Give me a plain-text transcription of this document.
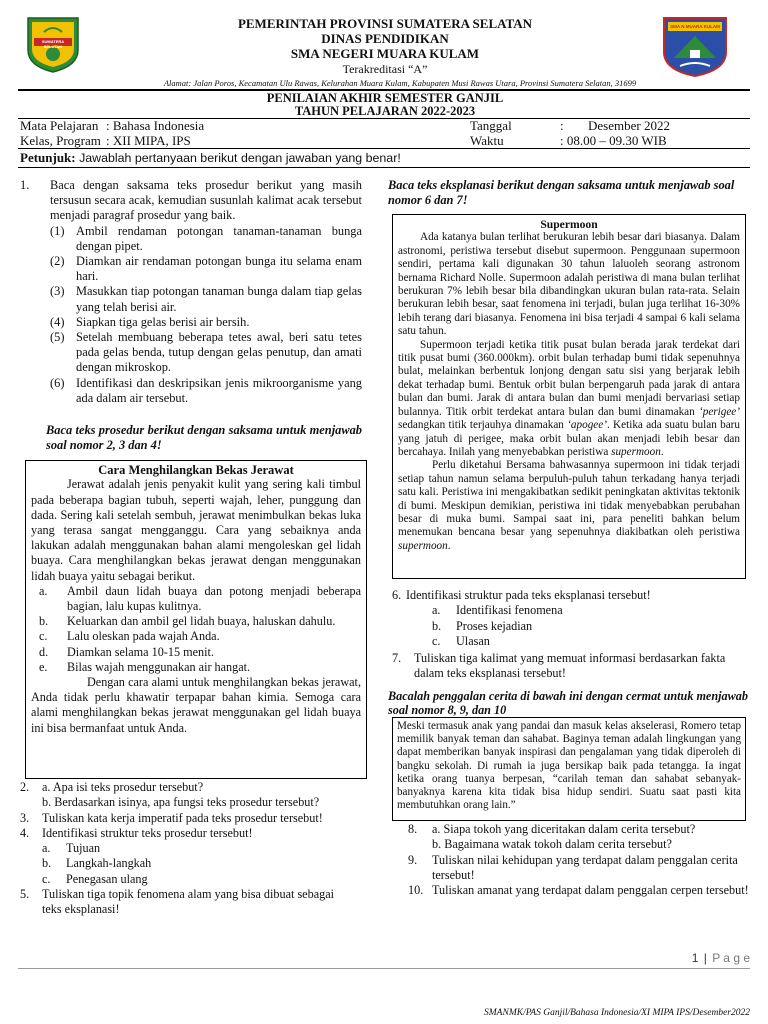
SUMATERA SELATAN
SMA N MUARA KULAM
PEMERINTAH PROVINSI SUMATERA SELATAN
DINAS PENDIDIKAN
SMA NEGERI MUARA KULAM
Terakreditasi “A”
Alamat: Jalan Poros, Kecamatan Ulu Rawas, Kelurahan Muara Kulam, Kabupaten Musi Rawas Utara, Provinsi Sumatera Selatan, 31699
PENILAIAN AKHIR SEMESTER GANJIL
TAHUN PELAJARAN 2022-2023
Mata Pelajaran : Bahasa Indonesia
Kelas, Program : XII MIPA, IPS
Tanggal	: Desember 2022
Waktu	: 08.00 – 09.30 WIB
Petunjuk: Jawablah pertanyaan berikut dengan jawaban yang benar!
1.	Baca dengan saksama teks prosedur berikut yang masih tersusun secara acak, kemudian susunlah kalimat acak tersebut menjadi paragraf prosedur yang baik.
(1) Ambil rendaman potongan tanaman-tanaman bunga dengan pipet.
(2) Diamkan air rendaman potongan bunga itu selama enam hari.
(3) Masukkan tiap potongan tanaman bunga dalam tiap gelas yang telah berisi air.
(4) Siapkan tiga gelas berisi air bersih.
(5) Setelah membuang beberapa tetes awal, beri satu tetes pada gelas benda, tutup dengan gelas penutup, dan amati dengan mikroskop.
(6) Identifikasi dan deskripsikan jenis mikroorganisme yang ada dalam air tersebut.
Baca teks prosedur berikut dengan saksama untuk menjawab soal nomor 2, 3 dan 4!
Cara Menghilangkan Bekas Jerawat
Jerawat adalah jenis penyakit kulit yang sering kali timbul pada beberapa bagian tubuh, seperti wajah, leher, punggung dan dada. Sering kali setelah sembuh, jerawat menimbulkan bekas luka yang terasa sangat mengganggu. Cara yang sebaiknya anda lakukan adalah menggunakan bahan alami mengoleskan gel lidah buaya. Cara menghilangkan bekas jerawat dengan menggunakan lidah buaya yaitu sebagai berikut.
a.	Ambil daun lidah buaya dan potong menjadi beberapa bagian, lalu kupas kulitnya.
b.	Keluarkan dan ambil gel lidah buaya, haluskan dahulu.
c.	Lalu oleskan pada wajah Anda.
d.	Diamkan selama 10-15 menit.
e.	Bilas wajah menggunakan air hangat.
Dengan cara alami untuk menghilangkan bekas jerawat, Anda tidak perlu khawatir terpapar bahan kimia. Semoga cara alami menghilangkan bekas jerawat menggunakan gel lidah buaya ini bisa bermanfaat untuk Anda.
2.	a. Apa isi teks prosedur tersebut?
b. Berdasarkan isinya, apa fungsi teks prosedur tersebut?
3.	Tuliskan kata kerja imperatif pada teks prosedur tersebut!
4.	Identifikasi struktur teks prosedur tersebut!
a.	Tujuan
b.	Langkah-langkah
c.	Penegasan ulang
5.	Tuliskan tiga topik fenomena alam yang bisa dibuat sebagai teks eksplanasi!
Baca teks eksplanasi berikut dengan saksama untuk menjawab soal nomor 6 dan 7!
Supermoon
Ada katanya bulan terlihat berukuran lebih besar dari biasanya. Dalam astronomi, peristiwa tersebut disebut supermoon. Penggunaan supermoon sendiri, pertama kali digunakan 30 tahun laluoleh seorang astronom bernama Richard Nolle. Supermoon adalah peristiwa di mana bulan terlihat berukuran 7% lebih besar bila dibandingkan ukuran bulan rata-rata. Selain berukuran lebih besar, saat fenomena ini terjadi, bulan juga terlihat 16-30% lebih terang dari biasanya. Fenomena ini bisa terjadi 4 sampai 6 kali selama satu tahun.
Supermoon terjadi ketika titik pusat bulan berada jarak terdekat dari titik pusat bumi (360.000km). orbit bulan terhadap bumi tidak sepenuhnya bulat, melainkan berbentuk lonjong dengan satu sisi yang berjarak lebih dekat terhadap bumi. Bentuk orbit bulan berpengaruh pada jarak di antara bulan dan bumi. Jarak di antara bulan dan bumi menjadi bervariasi setiap bulannya. Titik orbit terdekat antara bulan dan bumi dinamakan ‘perigee’ sedangkan titik terjauhya dinamakan ‘apogee’. Ketika ada suatu bulan baru yang jatuh di perigee, maka orbit bulan akan menjadi lebih besar dan bercahaya. Inilah yang menyebabkan peristiwa supermoon.
Perlu diketahui Bersama bahwasannya supermoon ini tidak terjadi setiap tahun namun selama berpuluh-puluh tahun terkadang hanya terjadi satu kali. Peristiwa ini mengakibatkan sedikit peningkatan aktivitas tektonik di bumi. Meskipun demikian, peristiwa ini tidak menyebabkan perubahan besar di muka bumi. Sampai saat ini, para peneliti bahkan belum menemukan bencana besar yang sepenuhnya diakibatkan oleh peristiwa supermoon.
6. Identifikasi struktur pada teks eksplanasi tersebut!
a.	Identifikasi fenomena
b.	Proses kejadian
c.	Ulasan
7.	Tuliskan tiga kalimat yang memuat informasi berdasarkan fakta dalam teks eksplanasi tersebut!
Bacalah penggalan cerita di bawah ini dengan cermat untuk menjawab soal nomor 8, 9, dan 10
Meski termasuk anak yang pandai dan masuk kelas akselerasi, Romero tetap memilik banyak teman dan sahabat. Baginya teman adalah lingkungan yang dapat memberikan banyak inspirasi dan pengalaman yang tidak diperoleh di bangku sekolah. Di rumah ia juga bersikap baik pada tetangga. Ia ingat ketika orang tuanya berpesan, “carilah teman dan sahabat sebanyak-banyaknya karena kita tidak bisa hidup sendiri. Suatu saat pasti kita membutuhkan orang lain.”
8.	a. Siapa tokoh yang diceritakan dalam cerita tersebut?
b. Bagaimana watak tokoh dalam cerita tersebut?
9.	Tuliskan nilai kehidupan yang terdapat dalam penggalan cerita tersebut!
10. Tuliskan amanat yang terdapat dalam penggalan cerpen tersebut!
1 | P a g e
SMANMK/PAS Ganjil/Bahasa Indonesia/XI MIPA IPS/Desember2022
